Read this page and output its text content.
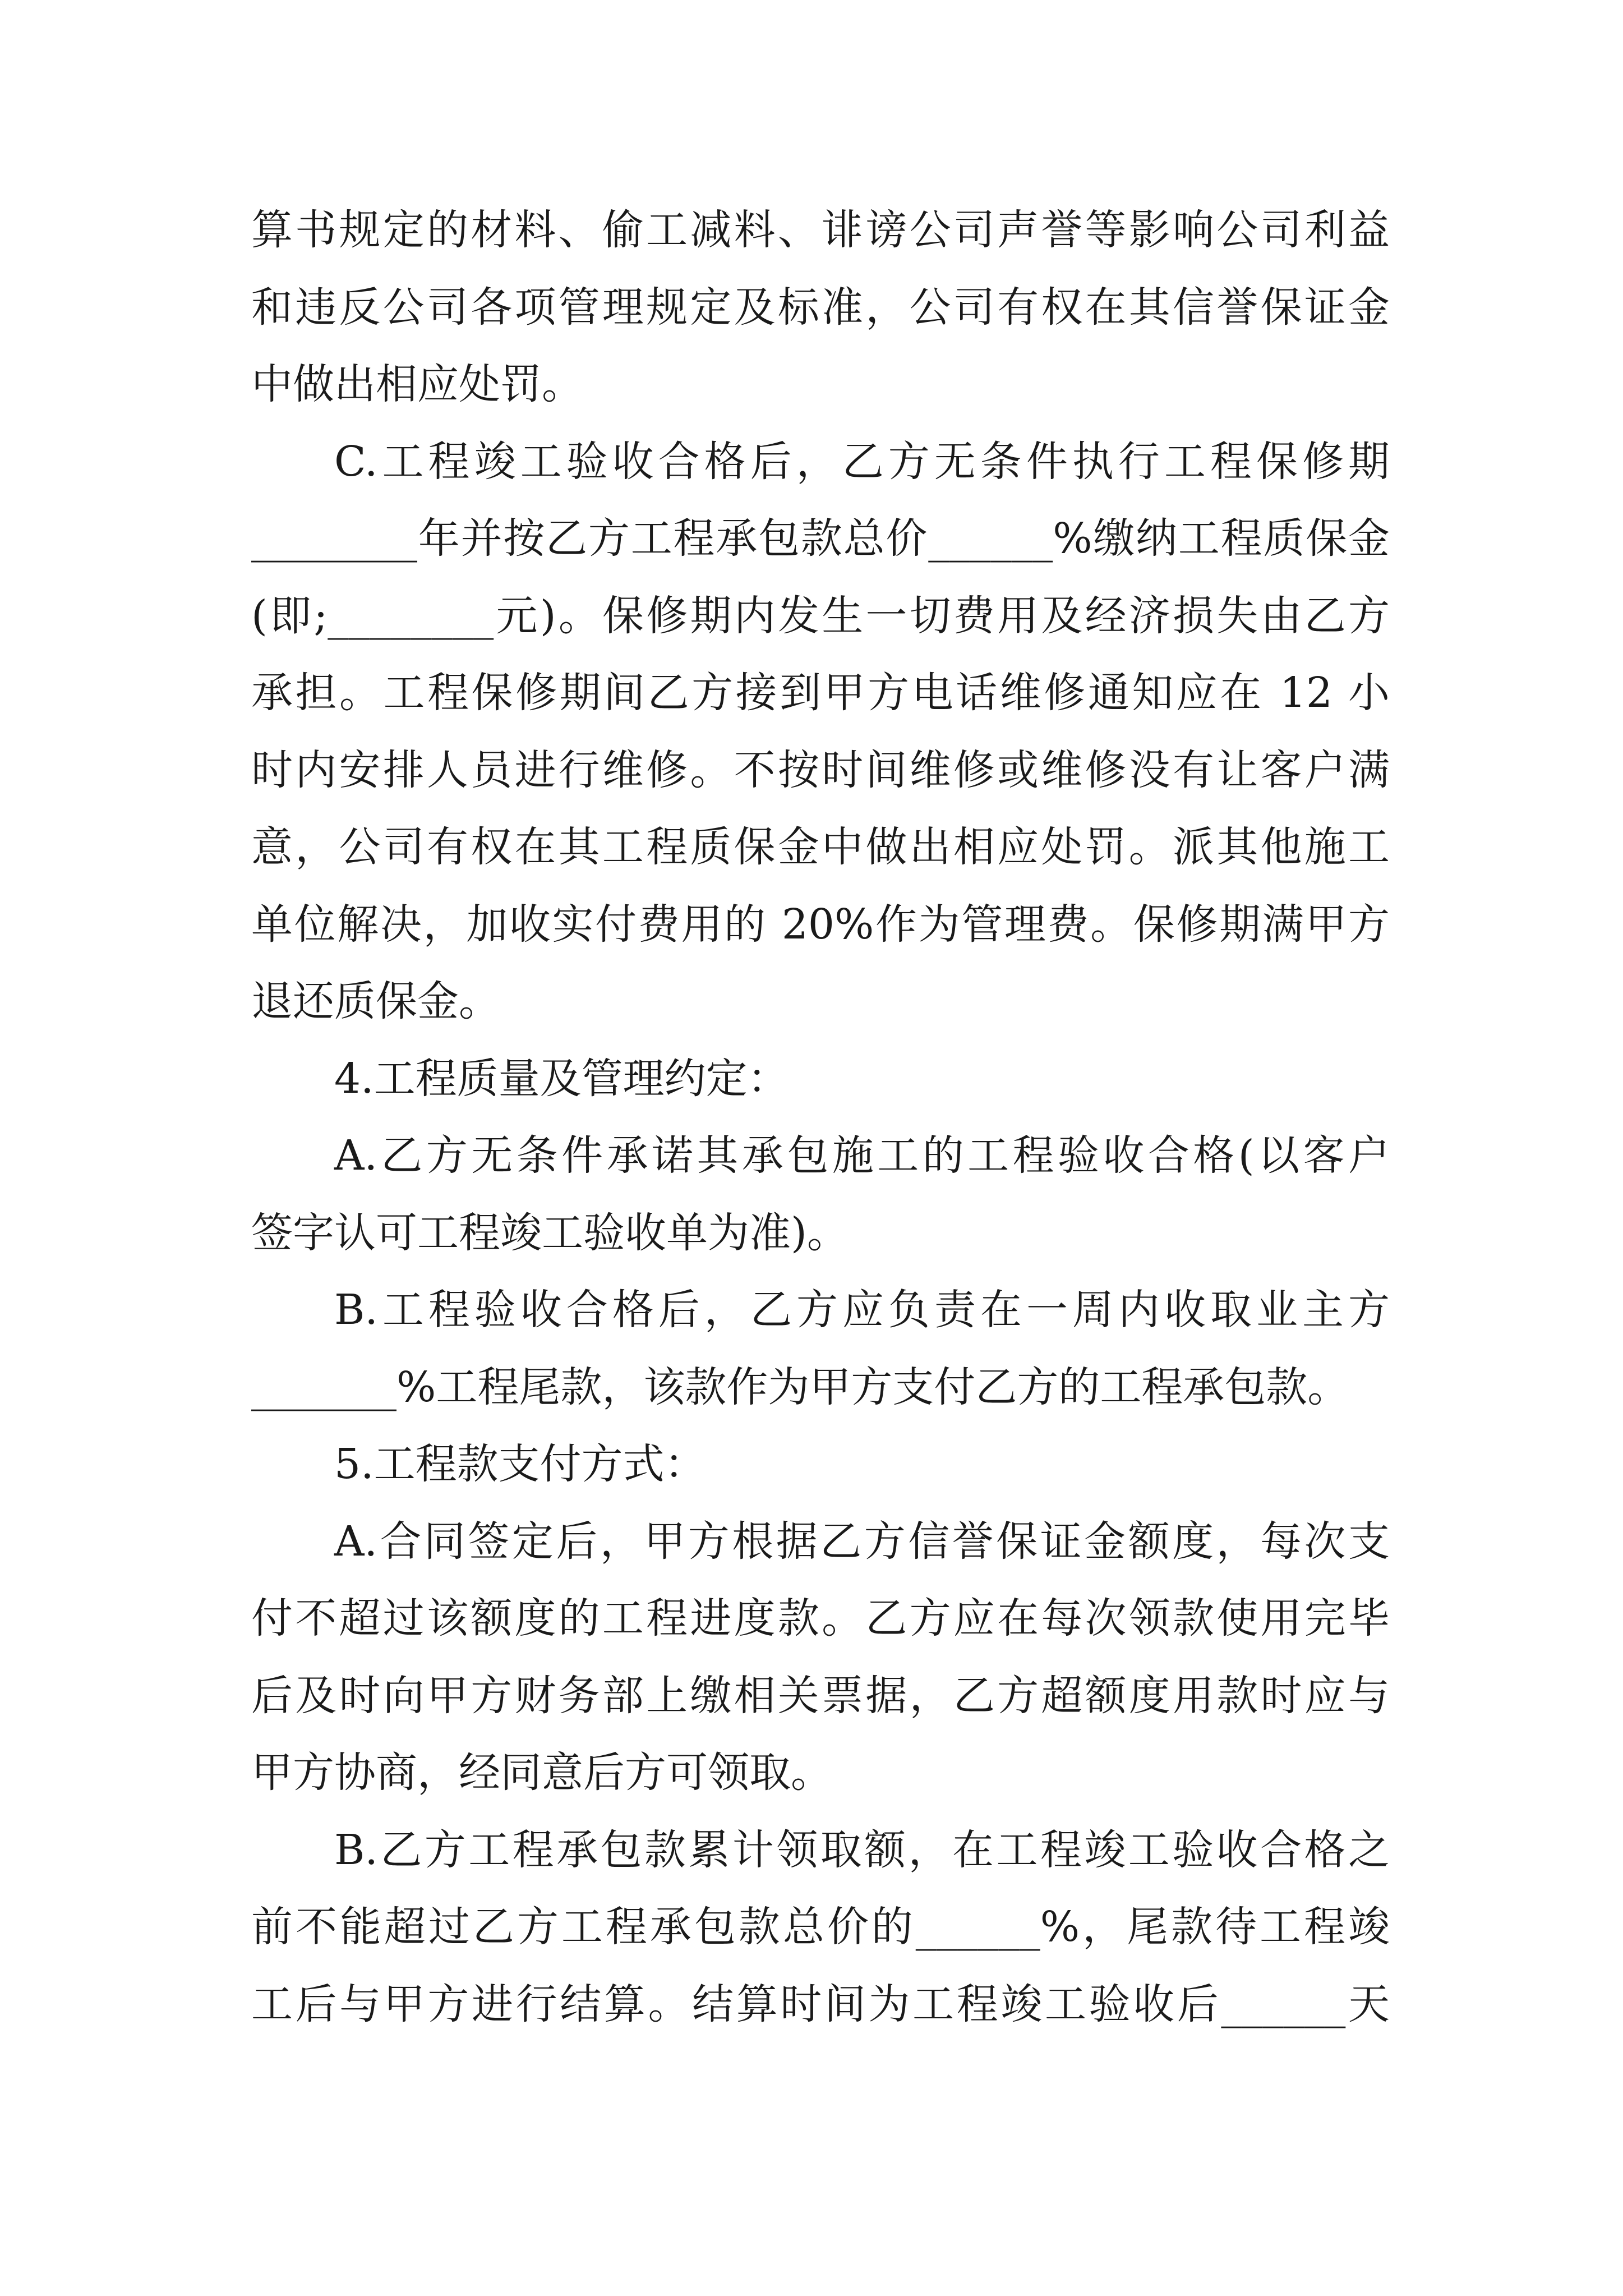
算书规定的材料、偷工减料、诽谤公司声誉等影响公司利益
和违反公司各项管理规定及标准，公司有权在其信誉保证金
中做出相应处罚。
C.工程竣工验收合格后，乙方无条件执行工程保修期
________年并按乙方工程承包款总价______%缴纳工程质保金
(即;________元)。保修期内发生一切费用及经济损失由乙方
承担。工程保修期间乙方接到甲方电话维修通知应在 12 小
时内安排人员进行维修。不按时间维修或维修没有让客户满
意，公司有权在其工程质保金中做出相应处罚。派其他施工
单位解决，加收实付费用的 20%作为管理费。保修期满甲方
退还质保金。
4.工程质量及管理约定：
A.乙方无条件承诺其承包施工的工程验收合格(以客户
签字认可工程竣工验收单为准)。
B.工程验收合格后，乙方应负责在一周内收取业主方
_______%工程尾款，该款作为甲方支付乙方的工程承包款。
5.工程款支付方式：
A.合同签定后，甲方根据乙方信誉保证金额度，每次支
付不超过该额度的工程进度款。乙方应在每次领款使用完毕
后及时向甲方财务部上缴相关票据，乙方超额度用款时应与
甲方协商，经同意后方可领取。
B.乙方工程承包款累计领取额，在工程竣工验收合格之
前不能超过乙方工程承包款总价的______%，尾款待工程竣
工后与甲方进行结算。结算时间为工程竣工验收后______天
